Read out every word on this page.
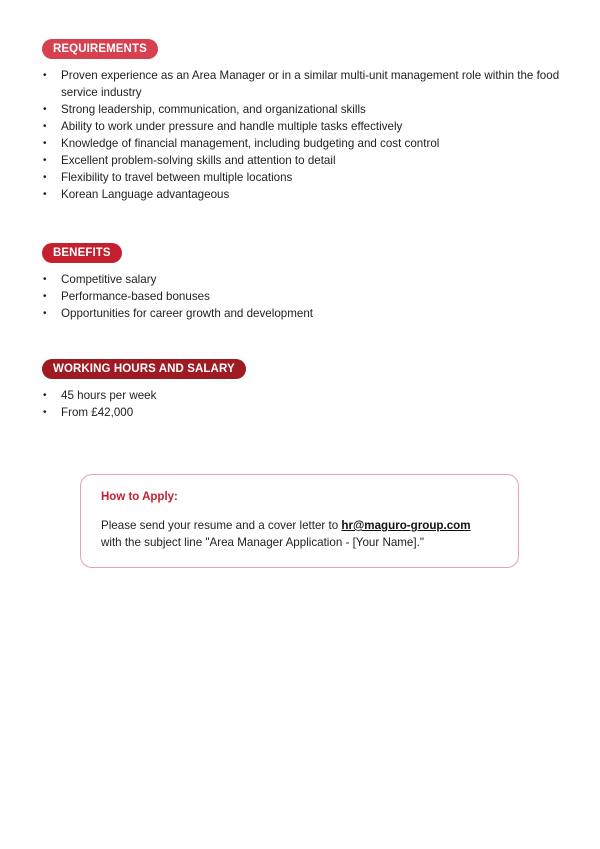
REQUIREMENTS
• Proven experience as an Area Manager or in a similar multi-unit management role within the food service industry
• Strong leadership, communication, and organizational skills
• Ability to work under pressure and handle multiple tasks effectively
• Knowledge of financial management, including budgeting and cost control
• Excellent problem-solving skills and attention to detail
• Flexibility to travel between multiple locations
• Korean Language advantageous
BENEFITS
• Competitive salary
• Performance-based bonuses
• Opportunities for career growth and development
WORKING HOURS AND SALARY
• 45 hours per week
• From £42,000

How to Apply:

Please send your resume and a cover letter to hr@maguro-group.com
with the subject line "Area Manager Application - [Your Name]."
